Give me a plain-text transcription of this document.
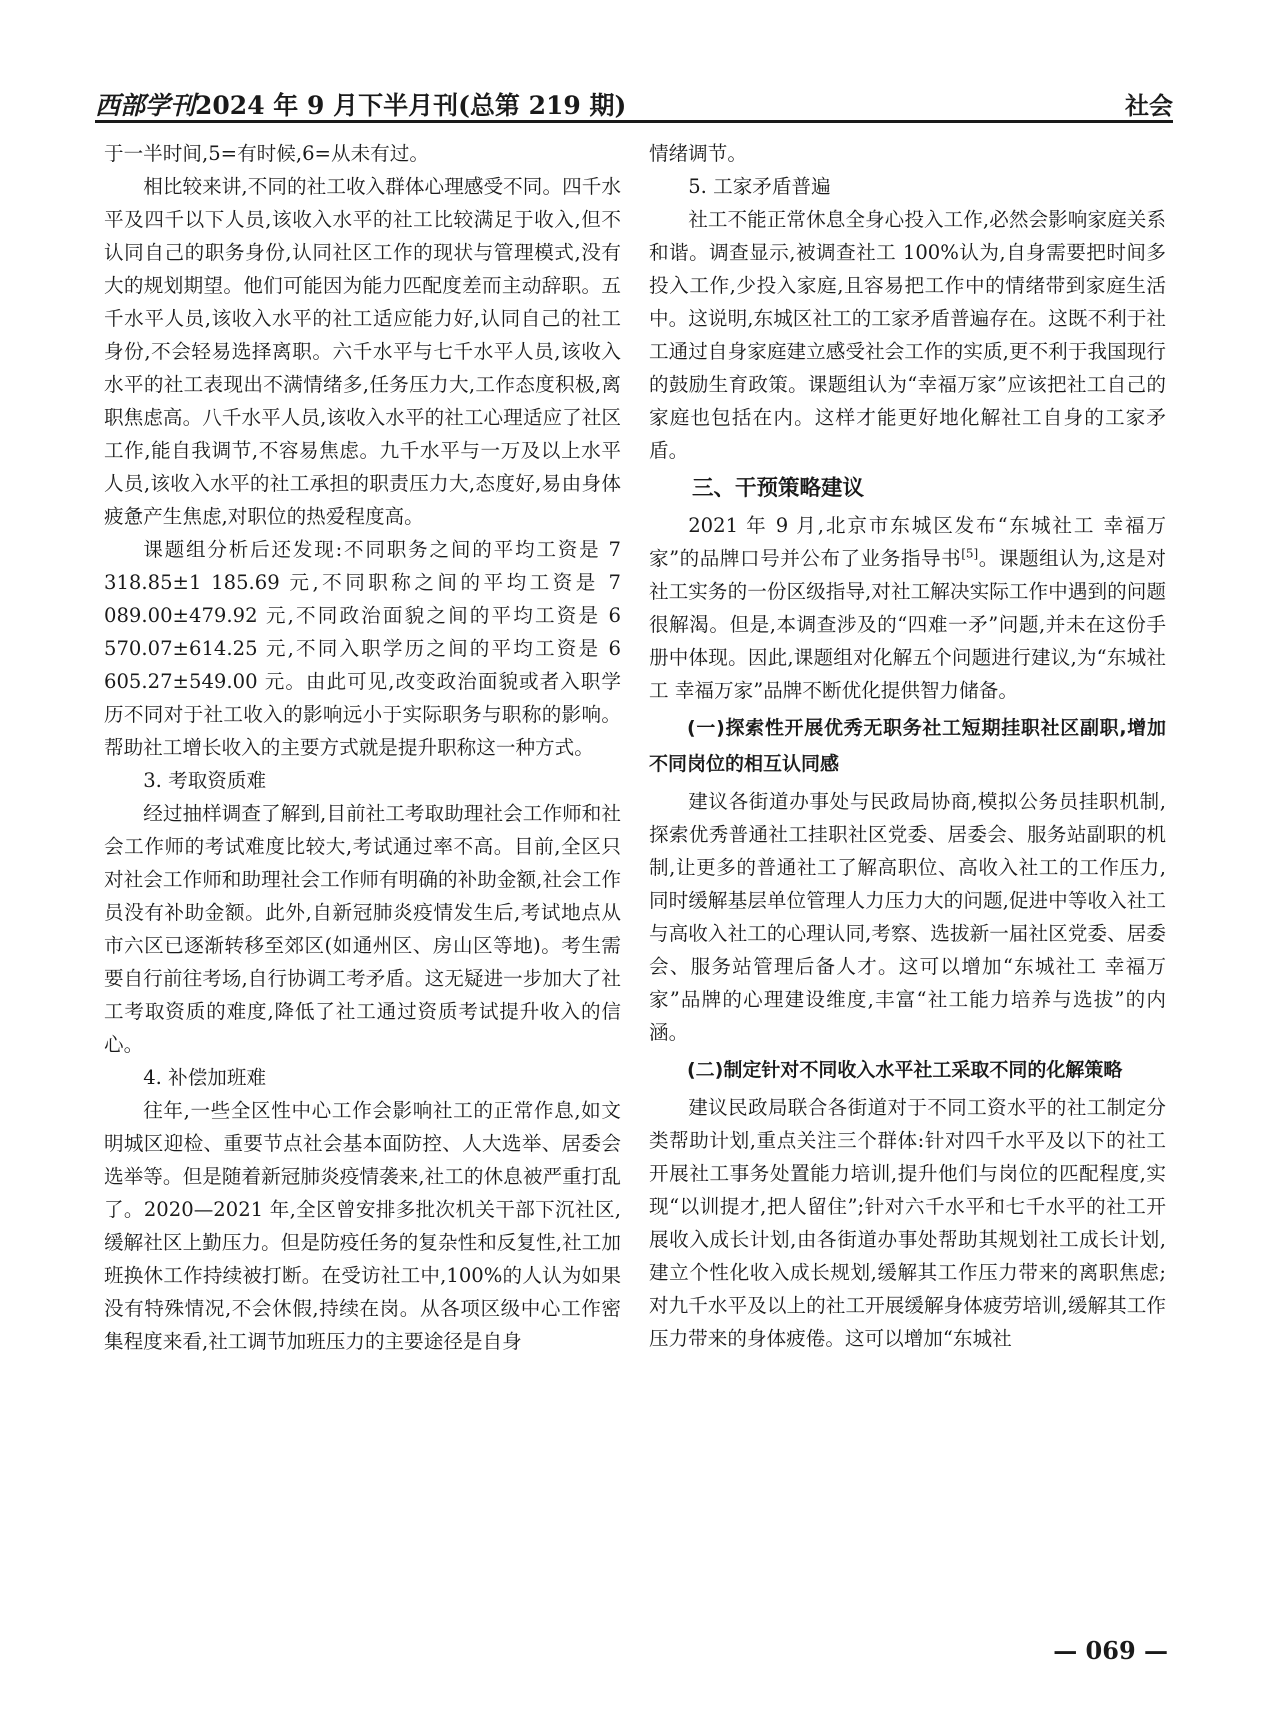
西部学刊2024 年 9 月下半月刊(总第 219 期)	社会

于一半时间,5=有时候,6=从未有过。

相比较来讲,不同的社工收入群体心理感受不同。四千水平及四千以下人员,该收入水平的社工比较满足于收入,但不认同自己的职务身份,认同社区工作的现状与管理模式,没有大的规划期望。他们可能因为能力匹配度差而主动辞职。五千水平人员,该收入水平的社工适应能力好,认同自己的社工身份,不会轻易选择离职。六千水平与七千水平人员,该收入水平的社工表现出不满情绪多,任务压力大,工作态度积极,离职焦虑高。八千水平人员,该收入水平的社工心理适应了社区工作,能自我调节,不容易焦虑。九千水平与一万及以上水平人员,该收入水平的社工承担的职责压力大,态度好,易由身体疲惫产生焦虑,对职位的热爱程度高。

课题组分析后还发现:不同职务之间的平均工资是 7 318.85±1 185.69 元,不同职称之间的平均工资是 7 089.00±479.92 元,不同政治面貌之间的平均工资是 6 570.07±614.25 元,不同入职学历之间的平均工资是 6 605.27±549.00 元。由此可见,改变政治面貌或者入职学历不同对于社工收入的影响远小于实际职务与职称的影响。帮助社工增长收入的主要方式就是提升职称这一种方式。

3. 考取资质难

经过抽样调查了解到,目前社工考取助理社会工作师和社会工作师的考试难度比较大,考试通过率不高。目前,全区只对社会工作师和助理社会工作师有明确的补助金额,社会工作员没有补助金额。此外,自新冠肺炎疫情发生后,考试地点从市六区已逐渐转移至郊区(如通州区、房山区等地)。考生需要自行前往考场,自行协调工考矛盾。这无疑进一步加大了社工考取资质的难度,降低了社工通过资质考试提升收入的信心。

4. 补偿加班难

往年,一些全区性中心工作会影响社工的正常作息,如文明城区迎检、重要节点社会基本面防控、人大选举、居委会选举等。但是随着新冠肺炎疫情袭来,社工的休息被严重打乱了。2020—2021 年,全区曾安排多批次机关干部下沉社区,缓解社区上勤压力。但是防疫任务的复杂性和反复性,社工加班换休工作持续被打断。在受访社工中,100%的人认为如果没有特殊情况,不会休假,持续在岗。从各项区级中心工作密集程度来看,社工调节加班压力的主要途径是自身

情绪调节。

5. 工家矛盾普遍

社工不能正常休息全身心投入工作,必然会影响家庭关系和谐。调查显示,被调查社工 100%认为,自身需要把时间多投入工作,少投入家庭,且容易把工作中的情绪带到家庭生活中。这说明,东城区社工的工家矛盾普遍存在。这既不利于社工通过自身家庭建立感受社会工作的实质,更不利于我国现行的鼓励生育政策。课题组认为“幸福万家”应该把社工自己的家庭也包括在内。这样才能更好地化解社工自身的工家矛盾。

三、干预策略建议

2021 年 9 月,北京市东城区发布“东城社工 幸福万家”的品牌口号并公布了业务指导书[5]。课题组认为,这是对社工实务的一份区级指导,对社工解决实际工作中遇到的问题很解渴。但是,本调查涉及的“四难一矛”问题,并未在这份手册中体现。因此,课题组对化解五个问题进行建议,为“东城社工 幸福万家”品牌不断优化提供智力储备。

(一)探索性开展优秀无职务社工短期挂职社区副职,增加不同岗位的相互认同感

建议各街道办事处与民政局协商,模拟公务员挂职机制,探索优秀普通社工挂职社区党委、居委会、服务站副职的机制,让更多的普通社工了解高职位、高收入社工的工作压力,同时缓解基层单位管理人力压力大的问题,促进中等收入社工与高收入社工的心理认同,考察、选拔新一届社区党委、居委会、服务站管理后备人才。这可以增加“东城社工 幸福万家”品牌的心理建设维度,丰富“社工能力培养与选拔”的内涵。

(二)制定针对不同收入水平社工采取不同的化解策略

建议民政局联合各街道对于不同工资水平的社工制定分类帮助计划,重点关注三个群体:针对四千水平及以下的社工开展社工事务处置能力培训,提升他们与岗位的匹配程度,实现“以训提才,把人留住”;针对六千水平和七千水平的社工开展收入成长计划,由各街道办事处帮助其规划社工成长计划,建立个性化收入成长规划,缓解其工作压力带来的离职焦虑;对九千水平及以上的社工开展缓解身体疲劳培训,缓解其工作压力带来的身体疲倦。这可以增加“东城社

— 069 —
